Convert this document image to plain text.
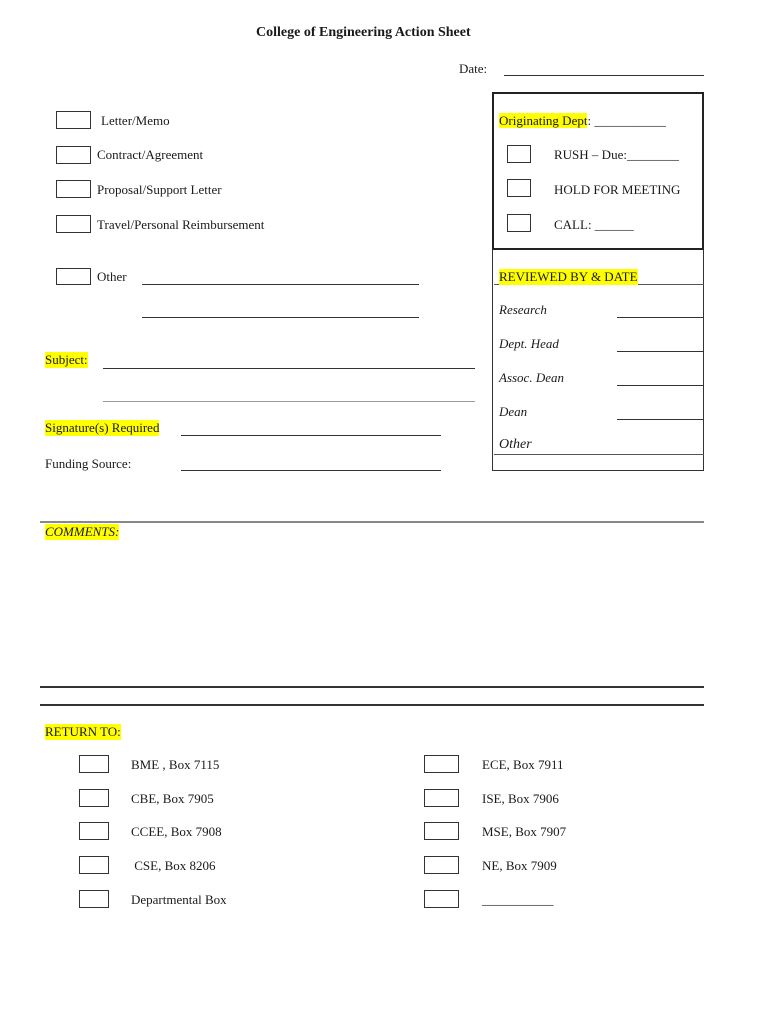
College of Engineering Action Sheet
Date:
Letter/Memo
Contract/Agreement
Proposal/Support Letter
Travel/Personal Reimbursement
Other
Originating Dept: ___________
RUSH – Due:________
HOLD FOR MEETING
CALL: ______
REVIEWED BY & DATE
Research
Dept. Head
Assoc. Dean
Dean
Other
Subject:
Signature(s) Required
Funding Source:
COMMENTS:
RETURN TO:
BME , Box 7115	ECE, Box 7911
CBE, Box 7905	ISE, Box 7906
CCEE, Box 7908	MSE, Box 7907
CSE, Box 8206	NE, Box 7909
Departmental Box	___________
